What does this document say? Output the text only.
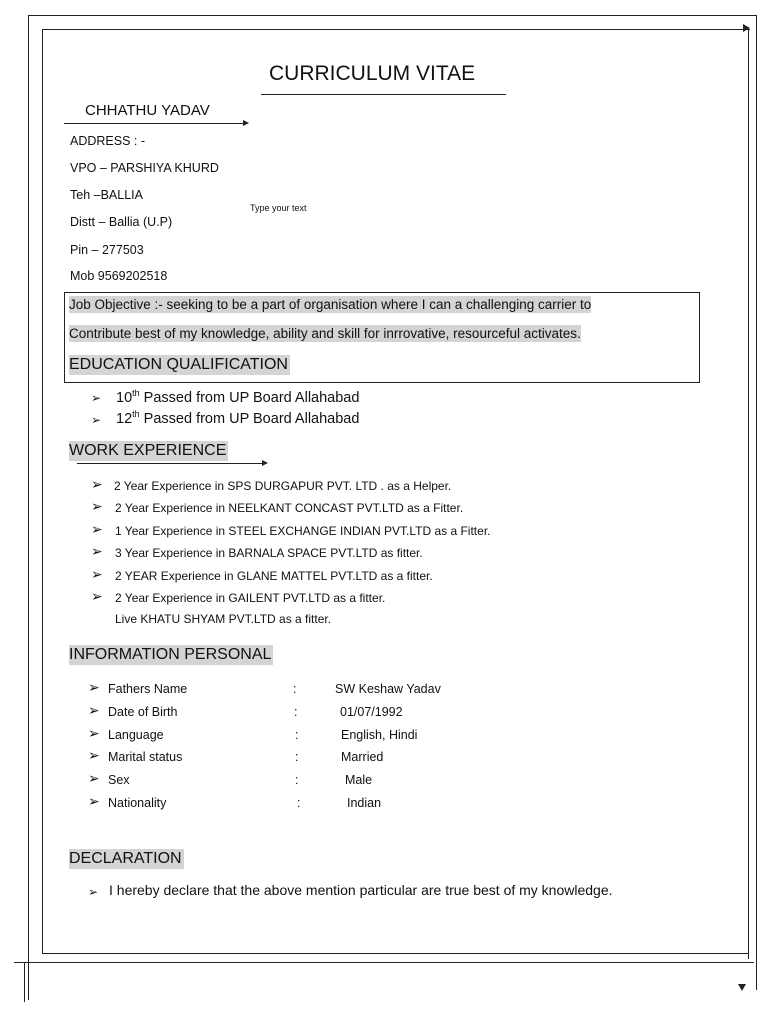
CURRICULUM VITAE
CHHATHU YADAV
ADDRESS : -
VPO – PARSHIYA KHURD
Teh –BALLIA
Distt – Ballia (U.P)
Pin – 277503
Mob 9569202518
Type your text
Job Objective :- seeking to be a part of organisation where I can a challenging carrier to
Contribute best of my knowledge, ability and skill for inrrovative, resourceful activates.
EDUCATION QUALIFICATION
➢ 10th Passed from UP Board Allahabad
➢ 12th Passed from UP Board Allahabad
WORK EXPERIENCE
➢ 2 Year Experience in SPS DURGAPUR PVT. LTD . as a Helper.
➢ 2 Year Experience in NEELKANT CONCAST PVT.LTD as a Fitter.
➢ 1 Year Experience in STEEL EXCHANGE INDIAN PVT.LTD as a Fitter.
➢ 3 Year Experience in BARNALA SPACE PVT.LTD as fitter.
➢ 2 YEAR Experience in GLANE MATTEL PVT.LTD as a fitter.
➢ 2 Year Experience in GAILENT PVT.LTD as a fitter.
Live KHATU SHYAM PVT.LTD as a fitter.
INFORMATION PERSONAL
➢ Fathers Name	:	SW Keshaw Yadav
➢ Date of Birth	:	01/07/1992
➢ Language	:	English, Hindi
➢ Marital status	:	Married
➢ Sex	:	Male
➢ Nationality	:	Indian
DECLARATION
➢ I hereby declare that the above mention particular are true best of my knowledge.
